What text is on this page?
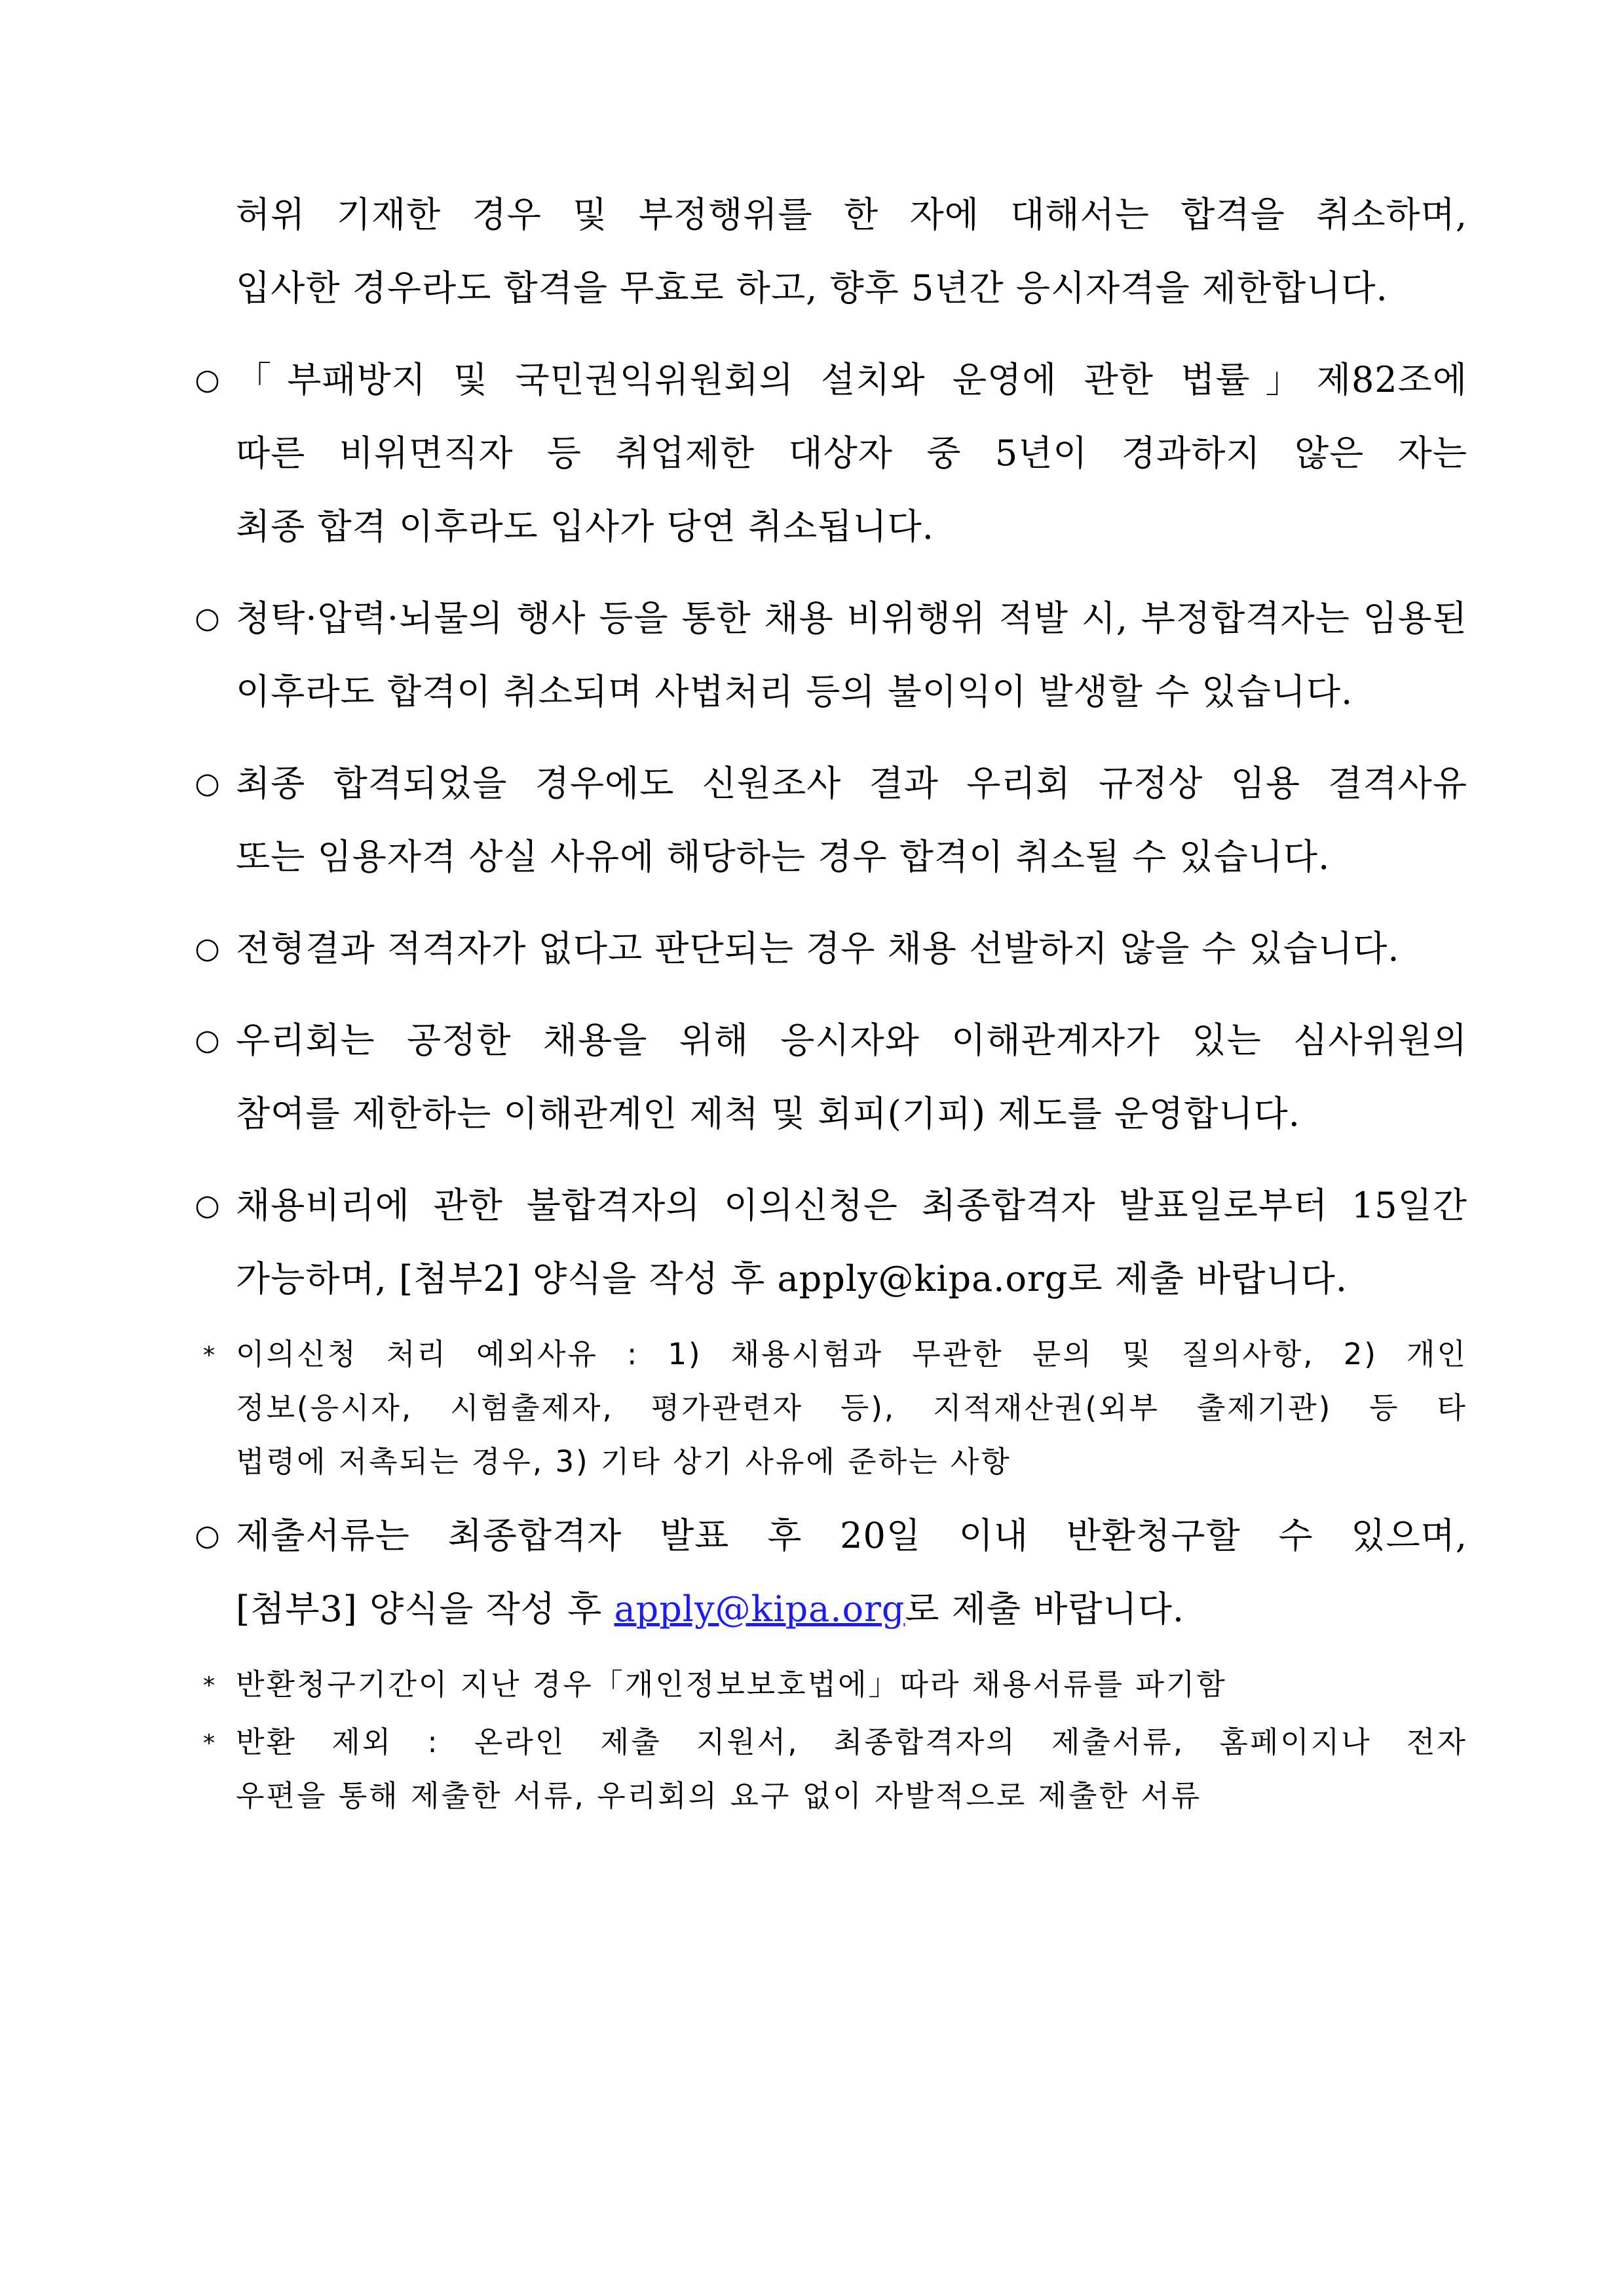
허위 기재한 경우 및 부정행위를 한 자에 대해서는 합격을 취소하며,
입사한 경우라도 합격을 무효로 하고, 향후 5년간 응시자격을 제한합니다.
○ 「부패방지 및 국민권익위원회의 설치와 운영에 관한 법률」제82조에
따른 비위면직자 등 취업제한 대상자 중 5년이 경과하지 않은 자는
최종 합격 이후라도 입사가 당연 취소됩니다.
○ 청탁·압력·뇌물의 행사 등을 통한 채용 비위행위 적발 시, 부정합격자는 임용된
이후라도 합격이 취소되며 사법처리 등의 불이익이 발생할 수 있습니다.
○ 최종 합격되었을 경우에도 신원조사 결과 우리회 규정상 임용 결격사유
또는 임용자격 상실 사유에 해당하는 경우 합격이 취소될 수 있습니다.
○ 전형결과 적격자가 없다고 판단되는 경우 채용 선발하지 않을 수 있습니다.
○ 우리회는 공정한 채용을 위해 응시자와 이해관계자가 있는 심사위원의
참여를 제한하는 이해관계인 제척 및 회피(기피) 제도를 운영합니다.
○ 채용비리에 관한 불합격자의 이의신청은 최종합격자 발표일로부터 15일간
가능하며, [첨부2] 양식을 작성 후 apply@kipa.org로 제출 바랍니다.
* 이의신청 처리 예외사유 : 1) 채용시험과 무관한 문의 및 질의사항, 2) 개인
정보(응시자, 시험출제자, 평가관련자 등), 지적재산권(외부 출제기관) 등 타
법령에 저촉되는 경우, 3) 기타 상기 사유에 준하는 사항
○ 제출서류는 최종합격자 발표 후 20일 이내 반환청구할 수 있으며,
[첨부3] 양식을 작성 후 apply@kipa.org로 제출 바랍니다.
* 반환청구기간이 지난 경우「개인정보보호법에」따라 채용서류를 파기함
* 반환 제외 : 온라인 제출 지원서, 최종합격자의 제출서류, 홈페이지나 전자
우편을 통해 제출한 서류, 우리회의 요구 없이 자발적으로 제출한 서류
